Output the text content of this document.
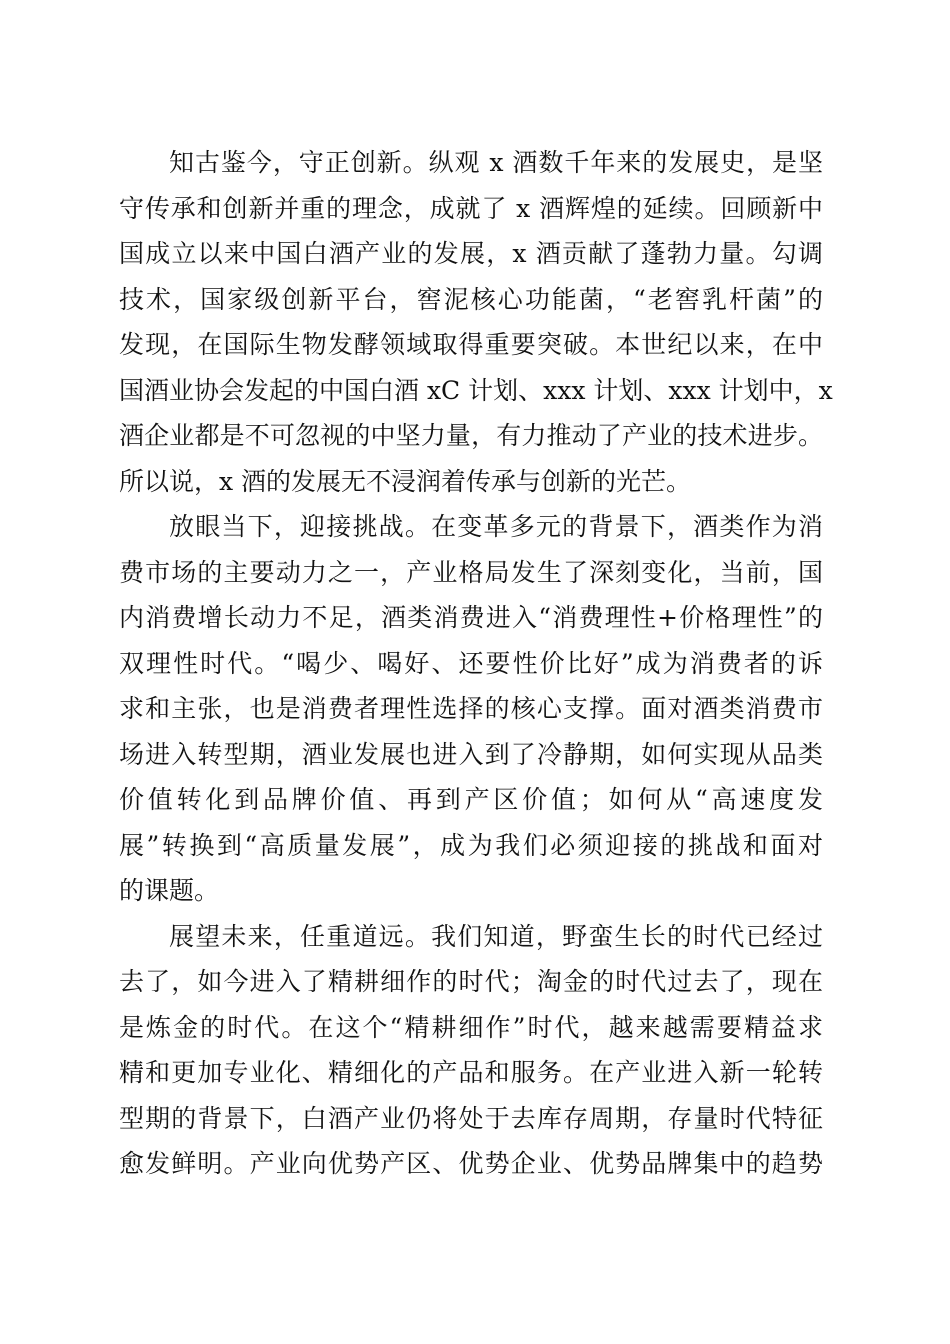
知古鉴今，守正创新。纵观 x 酒数千年来的发展史，是坚
守传承和创新并重的理念，成就了 x 酒辉煌的延续。回顾新中
国成立以来中国白酒产业的发展，x 酒贡献了蓬勃力量。勾调
技术，国家级创新平台，窖泥核心功能菌，“老窖乳杆菌”的
发现，在国际生物发酵领域取得重要突破。本世纪以来，在中
国酒业协会发起的中国白酒 xC 计划、xxx 计划、xxx 计划中，x
酒企业都是不可忽视的中坚力量，有力推动了产业的技术进步。
所以说，x 酒的发展无不浸润着传承与创新的光芒。
放眼当下，迎接挑战。在变革多元的背景下，酒类作为消
费市场的主要动力之一，产业格局发生了深刻变化，当前，国
内消费增长动力不足，酒类消费进入“消费理性+价格理性”的
双理性时代。“喝少、喝好、还要性价比好”成为消费者的诉
求和主张，也是消费者理性选择的核心支撑。面对酒类消费市
场进入转型期，酒业发展也进入到了冷静期，如何实现从品类
价值转化到品牌价值、再到产区价值；如何从“高速度发
展”转换到“高质量发展”，成为我们必须迎接的挑战和面对
的课题。
展望未来，任重道远。我们知道，野蛮生长的时代已经过
去了，如今进入了精耕细作的时代；淘金的时代过去了，现在
是炼金的时代。在这个“精耕细作”时代，越来越需要精益求
精和更加专业化、精细化的产品和服务。在产业进入新一轮转
型期的背景下，白酒产业仍将处于去库存周期，存量时代特征
愈发鲜明。产业向优势产区、优势企业、优势品牌集中的趋势
